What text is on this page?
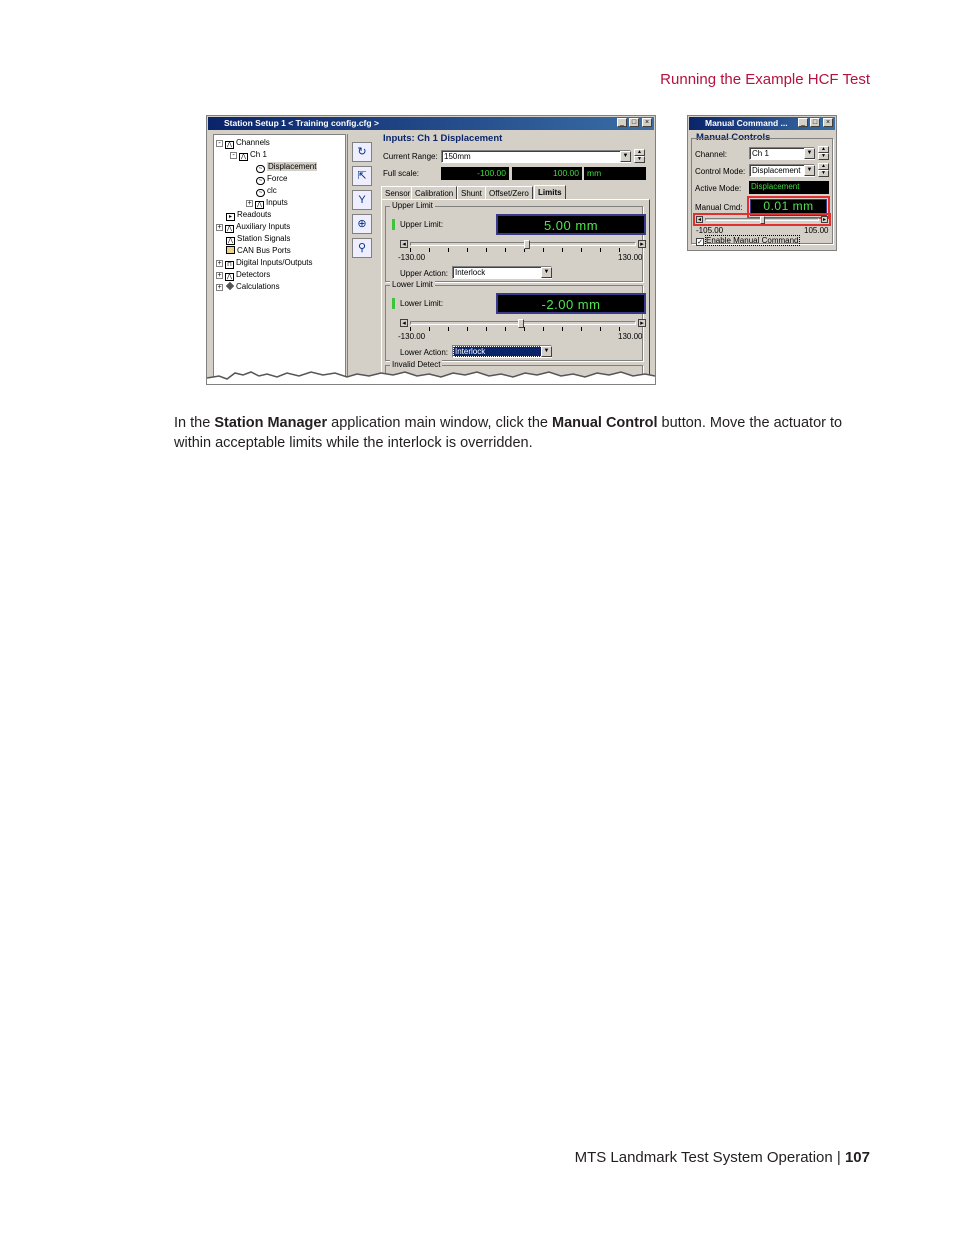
Running the Example HCF Test
Station Setup 1 < Training config.cfg >	_	□	×
- ⋀ Channels
- ⋀ Ch 1
~ Displacement
~ Force
~ clc
+ ⋀ Inputs
▸ Readouts
+ ⋀ Auxiliary Inputs
⋀ Station Signals
CAN Bus Ports
+ ⊓ Digital Inputs/Outputs
+ ⋀ Detectors
+ Calculations
↻
⇱
Y
⊕
⚲
Inputs: Ch 1 Displacement
Current Range: 150mm	▼
▲
▼
Full scale:	-100.00	100.00 mm
Sensor Calibration Shunt Offset/Zero	Limits
Upper Limit
Upper Limit:	5.00 mm
◂	▸
-130.00	130.00
Upper Action: Interlock	▼
Lower Limit
Lower Limit:	-2.00 mm
◂	▸
-130.00	130.00
Lower Action: Interlock	▼
Invalid Detect
Manual Command ...	_	□	×
Manual Controls
Channel:	Ch 1	▼
▲
▼
Control Mode: Displacement	▼
▲
▼
Active Mode: Displacement
Manual Cmd:	0.01 mm
◂	▸
-105.00	105.00
✓ Enable Manual Command
In the Station Manager application main window, click the Manual Control button. Move the actuator to within acceptable limits while the interlock is overridden.
MTS Landmark Test System Operation | 107
